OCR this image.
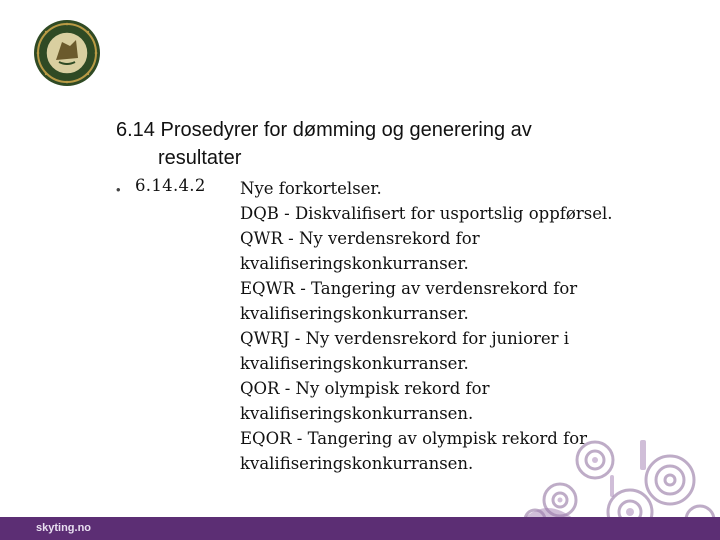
6.14 Prosedyrer for dømming og generering av
resultater
• 6.14.4.2 Nye forkortelser.
DQB - Diskvalifisert for usportslig oppførsel.
QWR - Ny verdensrekord for
kvalifiseringskonkurranser.
EQWR - Tangering av verdensrekord for
kvalifiseringskonkurranser.
QWRJ - Ny verdensrekord for juniorer i
kvalifiseringskonkurranser.
QOR - Ny olympisk rekord for
kvalifiseringskonkurransen.
EQOR - Tangering av olympisk rekord for
kvalifiseringskonkurransen.
skyting.no
